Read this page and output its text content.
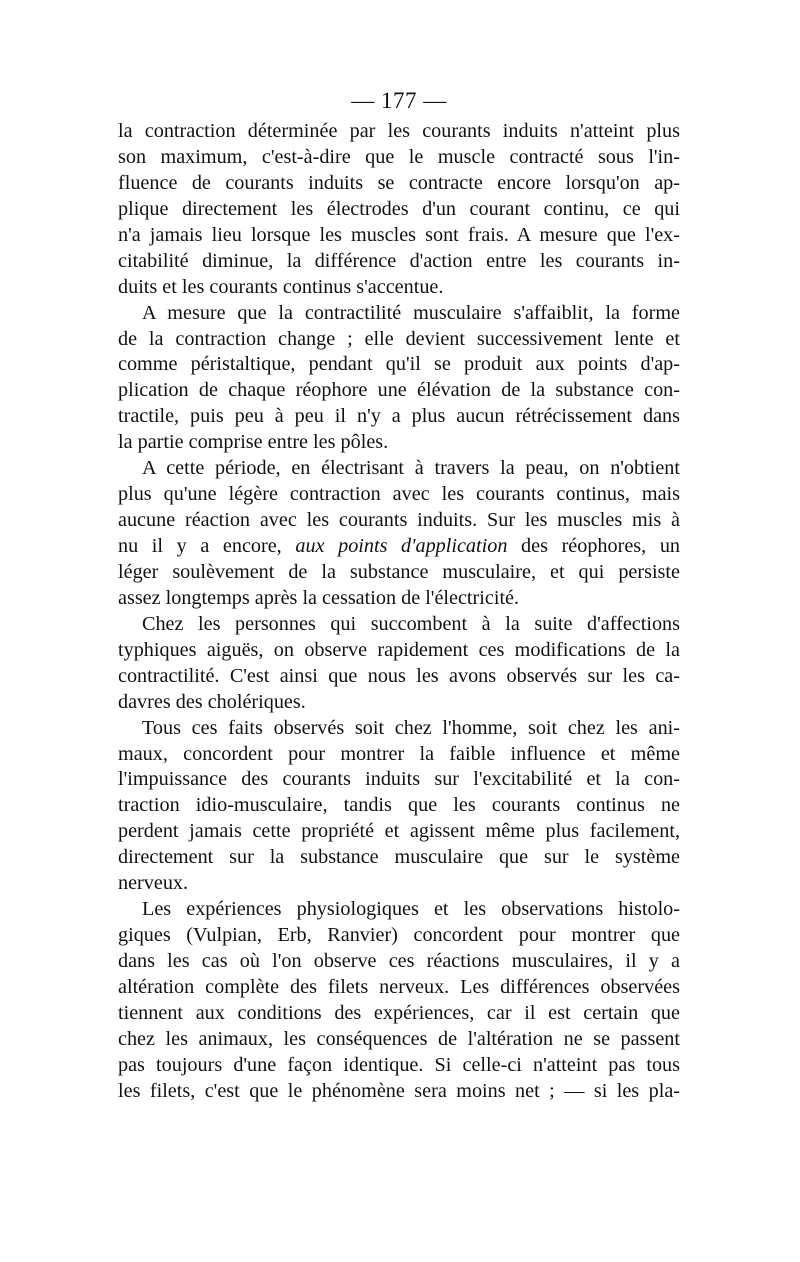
— 177 —
la contraction déterminée par les courants induits n'atteint plus
son maximum, c'est-à-dire que le muscle contracté sous l'in-
fluence de courants induits se contracte encore lorsqu'on ap-
plique directement les électrodes d'un courant continu, ce qui
n'a jamais lieu lorsque les muscles sont frais. A mesure que l'ex-
citabilité diminue, la différence d'action entre les courants in-
duits et les courants continus s'accentue.
A mesure que la contractilité musculaire s'affaiblit, la forme
de la contraction change ; elle devient successivement lente et
comme péristaltique, pendant qu'il se produit aux points d'ap-
plication de chaque réophore une élévation de la substance con-
tractile, puis peu à peu il n'y a plus aucun rétrécissement dans
la partie comprise entre les pôles.
A cette période, en électrisant à travers la peau, on n'obtient
plus qu'une légère contraction avec les courants continus, mais
aucune réaction avec les courants induits. Sur les muscles mis à
nu il y a encore, aux points d'application des réophores, un
léger soulèvement de la substance musculaire, et qui persiste
assez longtemps après la cessation de l'électricité.
Chez les personnes qui succombent à la suite d'affections
typhiques aiguës, on observe rapidement ces modifications de la
contractilité. C'est ainsi que nous les avons observés sur les ca-
davres des cholériques.
Tous ces faits observés soit chez l'homme, soit chez les ani-
maux, concordent pour montrer la faible influence et même
l'impuissance des courants induits sur l'excitabilité et la con-
traction idio-musculaire, tandis que les courants continus ne
perdent jamais cette propriété et agissent même plus facilement,
directement sur la substance musculaire que sur le système
nerveux.
Les expériences physiologiques et les observations histolo-
giques (Vulpian, Erb, Ranvier) concordent pour montrer que
dans les cas où l'on observe ces réactions musculaires, il y a
altération complète des filets nerveux. Les différences observées
tiennent aux conditions des expériences, car il est certain que
chez les animaux, les conséquences de l'altération ne se passent
pas toujours d'une façon identique. Si celle-ci n'atteint pas tous
les filets, c'est que le phénomène sera moins net ; — si les pla-
